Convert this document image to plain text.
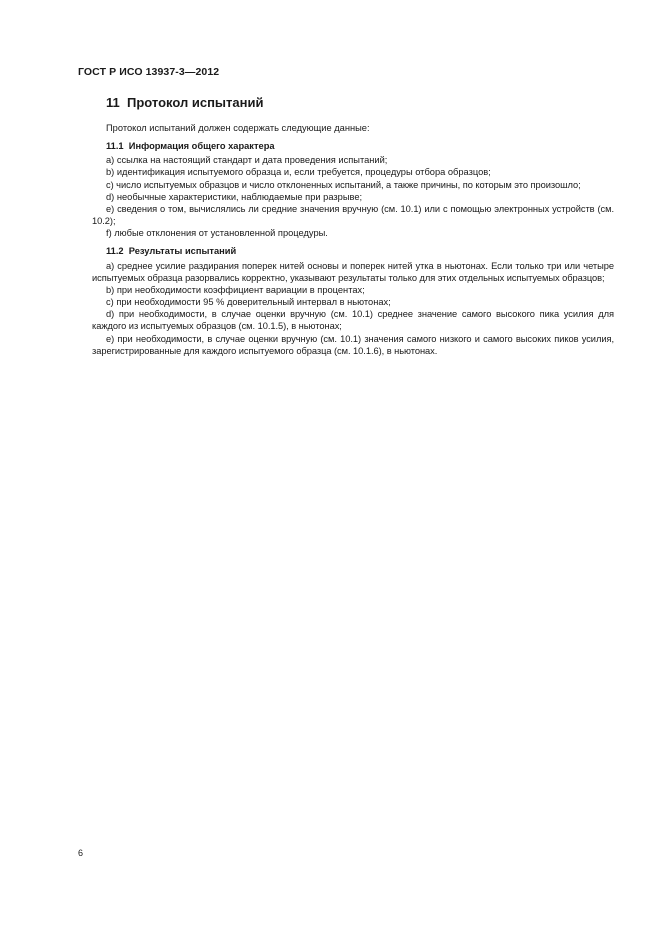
ГОСТ Р ИСО 13937-3—2012
11 Протокол испытаний

Протокол испытаний должен содержать следующие данные:

11.1 Информация общего характера

a) ссылка на настоящий стандарт и дата проведения испытаний;

b) идентификация испытуемого образца и, если требуется, процедуры отбора образцов;

c) число испытуемых образцов и число отклоненных испытаний, а также причины, по которым это произошло;

d) необычные характеристики, наблюдаемые при разрыве;

e) сведения о том, вычислялись ли средние значения вручную (см. 10.1) или с помощью электронных устройств (см. 10.2);

f) любые отклонения от установленной процедуры.

11.2 Результаты испытаний

a) среднее усилие раздирания поперек нитей основы и поперек нитей утка в ньютонах. Если только три или четыре испытуемых образца разорвались корректно, указывают результаты только для этих отдельных испытуемых образцов;

b) при необходимости коэффициент вариации в процентах;

c) при необходимости 95 % доверительный интервал в ньютонах;

d) при необходимости, в случае оценки вручную (см. 10.1) среднее значение самого высокого пика усилия для каждого из испытуемых образцов (см. 10.1.5), в ньютонах;

e) при необходимости, в случае оценки вручную (см. 10.1) значения самого низкого и самого высоких пиков усилия, зарегистрированные для каждого испытуемого образца (см. 10.1.6), в ньютонах.

6
